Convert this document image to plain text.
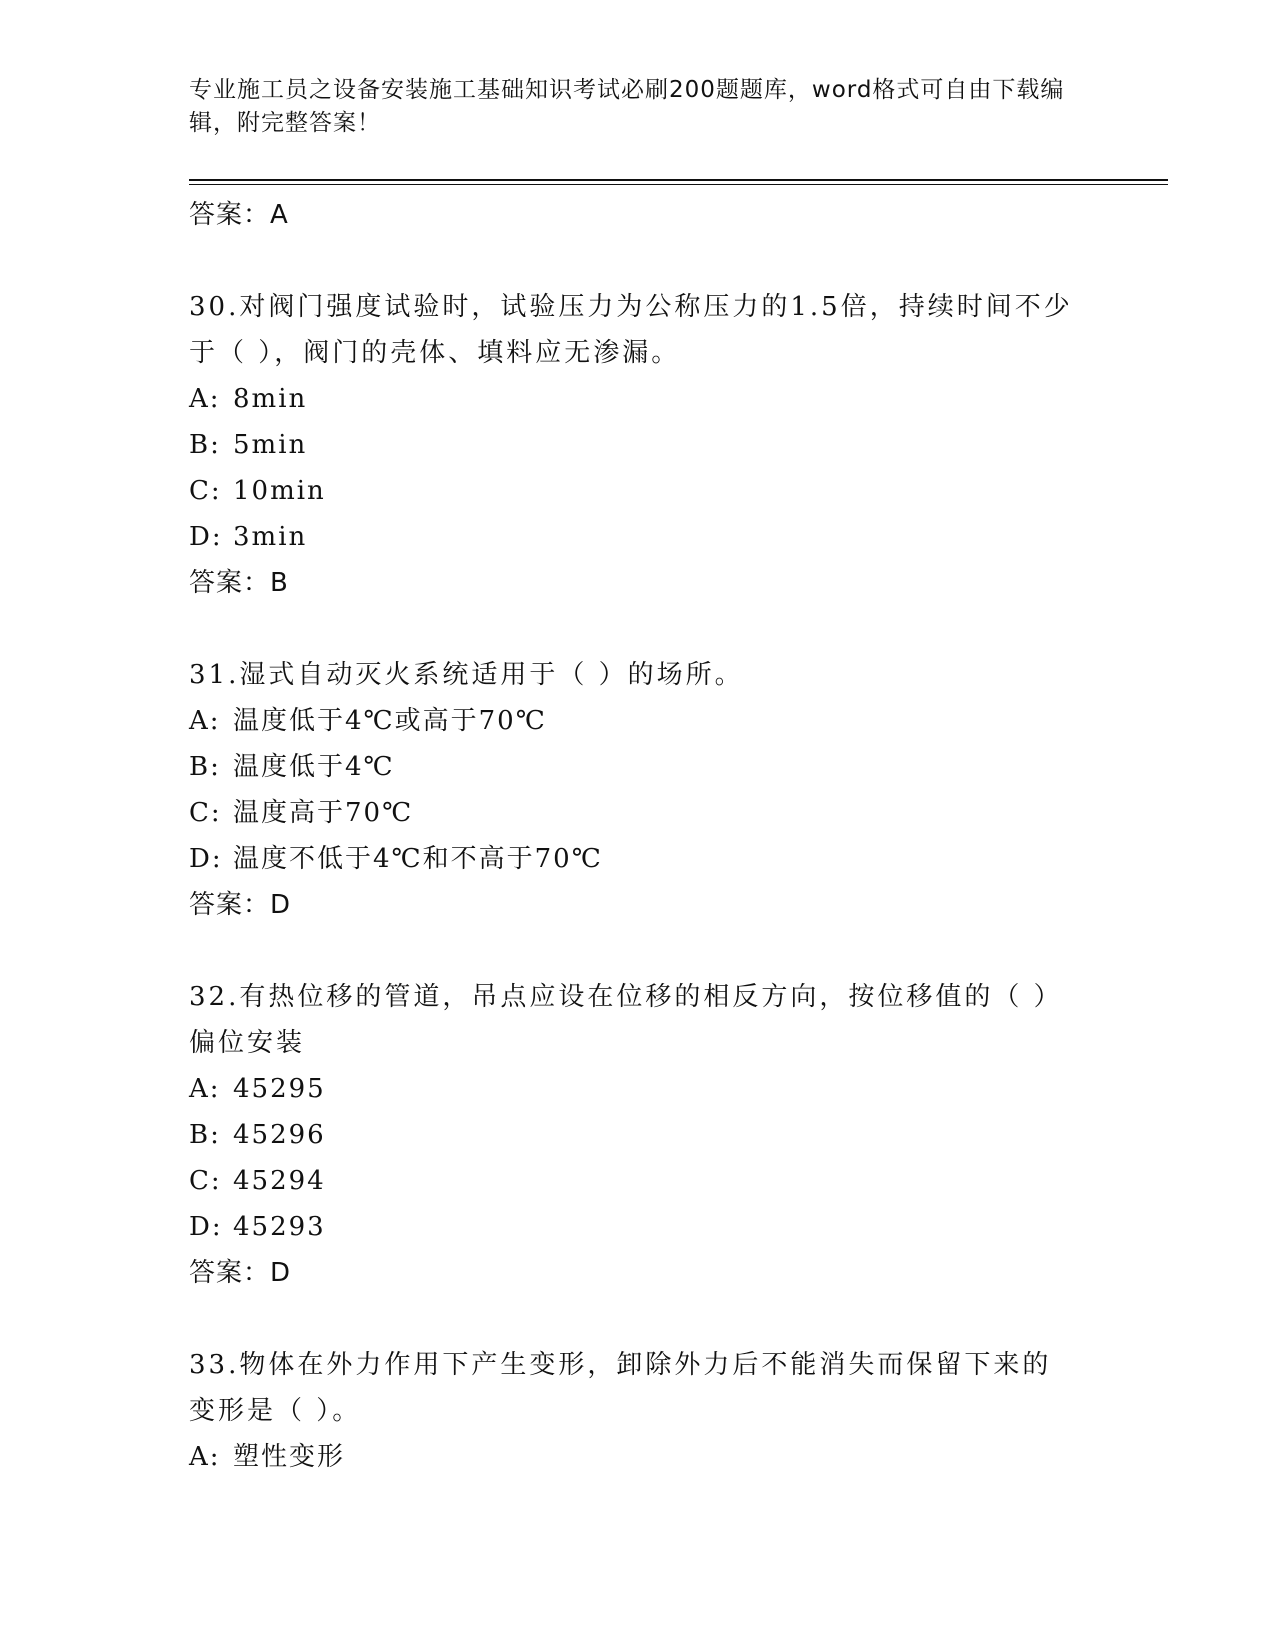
专业施工员之设备安装施工基础知识考试必刷200题题库，word格式可自由下载编辑，附完整答案！
答案：A
30.对阀门强度试验时，试验压力为公称压力的1.5倍，持续时间不少于（ ），阀门的壳体、填料应无渗漏。
A: 8min
B: 5min
C: 10min
D: 3min
答案：B
31.湿式自动灭火系统适用于（ ）的场所。
A: 温度低于4℃或高于70℃
B: 温度低于4℃
C: 温度高于70℃
D: 温度不低于4℃和不高于70℃
答案：D
32.有热位移的管道，吊点应设在位移的相反方向，按位移值的（ ）偏位安装
A: 45295
B: 45296
C: 45294
D: 45293
答案：D
33.物体在外力作用下产生变形，卸除外力后不能消失而保留下来的变形是（ ）。
A: 塑性变形
